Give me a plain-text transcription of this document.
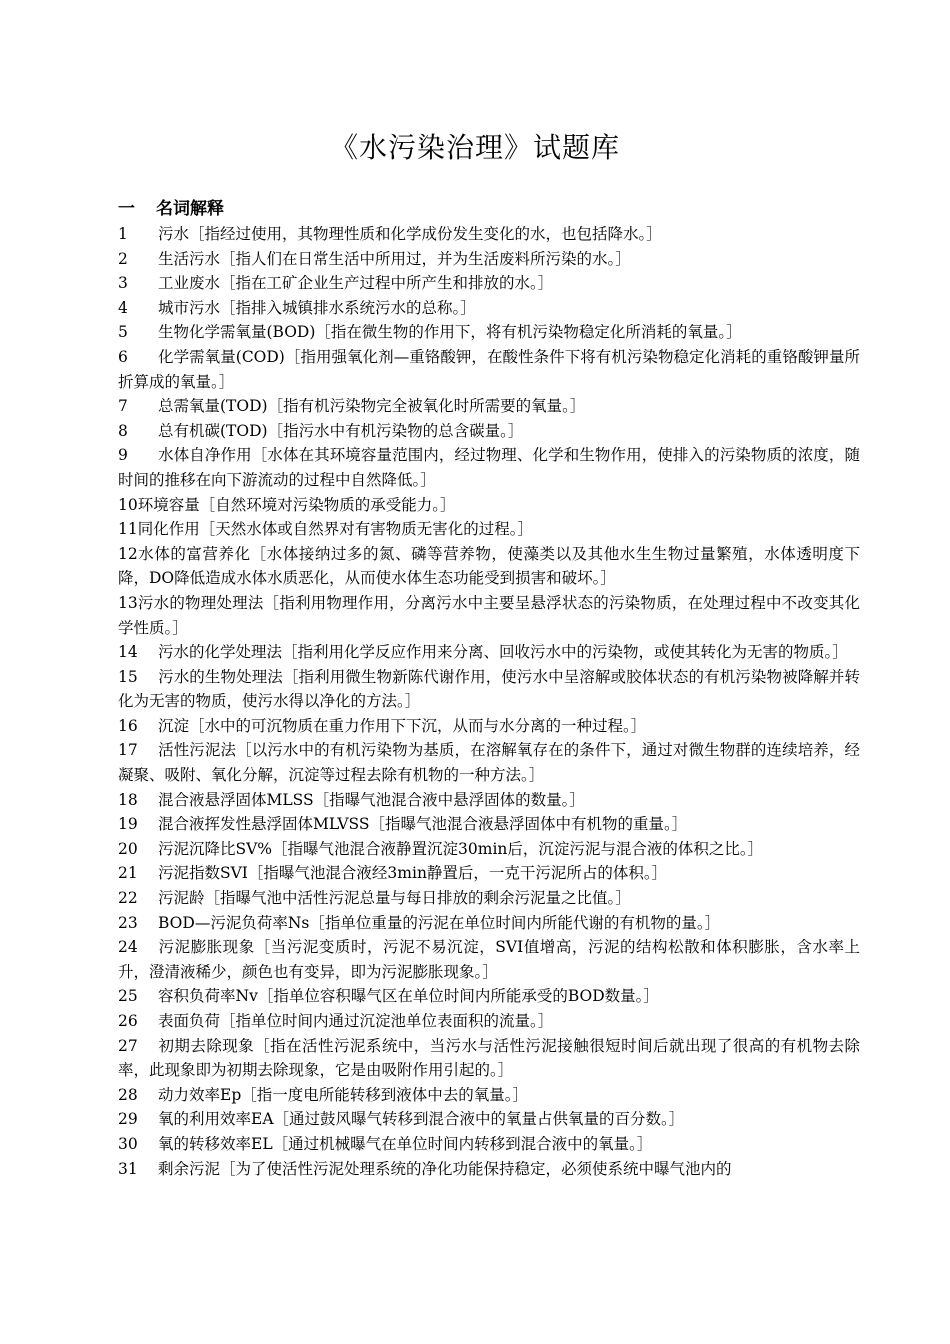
《水污染治理》试题库
一 名词解释
1 污水［指经过使用，其物理性质和化学成份发生变化的水，也包括降水。］
2 生活污水［指人们在日常生活中所用过，并为生活废料所污染的水。］
3 工业废水［指在工矿企业生产过程中所产生和排放的水。］
4 城市污水［指排入城镇排水系统污水的总称。］
5 生物化学需氧量(BOD)［指在微生物的作用下，将有机污染物稳定化所消耗的氧量。］
6 化学需氧量(COD)［指用强氧化剂—重铬酸钾，在酸性条件下将有机污染物稳定化消耗的重铬酸钾量所折算成的氧量。］
7 总需氧量(TOD)［指有机污染物完全被氧化时所需要的氧量。］
8 总有机碳(TOD)［指污水中有机污染物的总含碳量。］
9 水体自净作用［水体在其环境容量范围内，经过物理、化学和生物作用，使排入的污染物质的浓度，随时间的推移在向下游流动的过程中自然降低。］
10环境容量［自然环境对污染物质的承受能力。］
11同化作用［天然水体或自然界对有害物质无害化的过程。］
12水体的富营养化［水体接纳过多的氮、磷等营养物，使藻类以及其他水生生物过量繁殖，水体透明度下降，DO降低造成水体水质恶化，从而使水体生态功能受到损害和破坏。］
13污水的物理处理法［指利用物理作用，分离污水中主要呈悬浮状态的污染物质，在处理过程中不改变其化学性质。］
14 污水的化学处理法［指利用化学反应作用来分离、回收污水中的污染物，或使其转化为无害的物质。］
15 污水的生物处理法［指利用微生物新陈代谢作用，使污水中呈溶解或胶体状态的有机污染物被降解并转化为无害的物质，使污水得以净化的方法。］
16 沉淀［水中的可沉物质在重力作用下下沉，从而与水分离的一种过程。］
17 活性污泥法［以污水中的有机污染物为基质，在溶解氧存在的条件下，通过对微生物群的连续培养，经凝聚、吸附、氧化分解，沉淀等过程去除有机物的一种方法。］
18 混合液悬浮固体MLSS［指曝气池混合液中悬浮固体的数量。］
19 混合液挥发性悬浮固体MLVSS［指曝气池混合液悬浮固体中有机物的重量。］
20 污泥沉降比SV%［指曝气池混合液静置沉淀30min后，沉淀污泥与混合液的体积之比。］
21 污泥指数SVI［指曝气池混合液经3min静置后，一克干污泥所占的体积。］
22 污泥龄［指曝气池中活性污泥总量与每日排放的剩余污泥量之比值。］
23 BOD—污泥负荷率Ns［指单位重量的污泥在单位时间内所能代谢的有机物的量。］
24 污泥膨胀现象［当污泥变质时，污泥不易沉淀，SVI值增高，污泥的结构松散和体积膨胀，含水率上升，澄清液稀少，颜色也有变异，即为污泥膨胀现象。］
25 容积负荷率Nv［指单位容积曝气区在单位时间内所能承受的BOD数量。］
26 表面负荷［指单位时间内通过沉淀池单位表面积的流量。］
27 初期去除现象［指在活性污泥系统中，当污水与活性污泥接触很短时间后就出现了很高的有机物去除率，此现象即为初期去除现象，它是由吸附作用引起的。］
28 动力效率Ep［指一度电所能转移到液体中去的氧量。］
29 氧的利用效率EA［通过鼓风曝气转移到混合液中的氧量占供氧量的百分数。］
30 氧的转移效率EL［通过机械曝气在单位时间内转移到混合液中的氧量。］
31 剩余污泥［为了使活性污泥处理系统的净化功能保持稳定，必须使系统中曝气池内的
